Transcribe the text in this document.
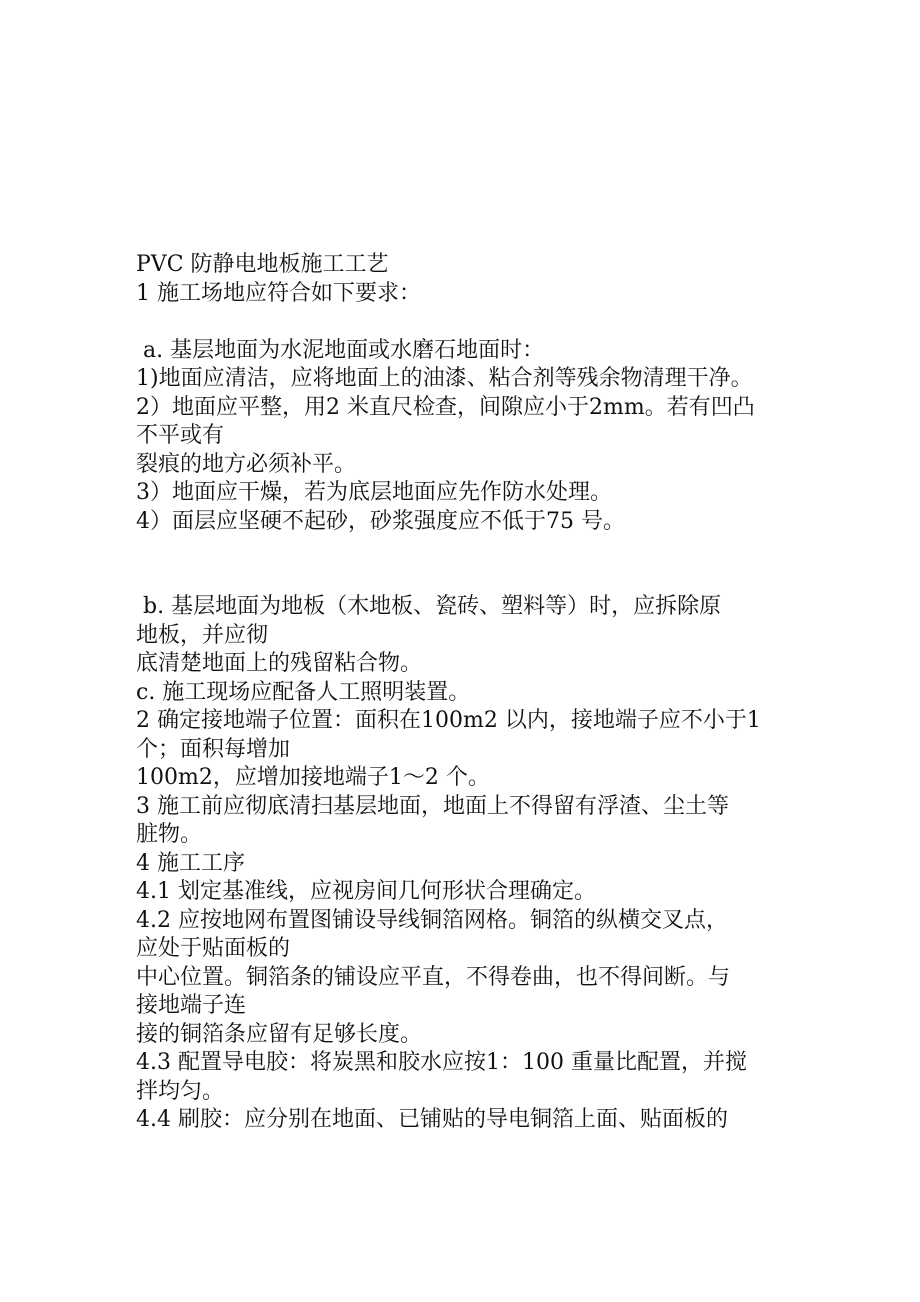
PVC 防静电地板施工工艺
1 施工场地应符合如下要求：
a. 基层地面为水泥地面或水磨石地面时：
1)地面应清洁，应将地面上的油漆、粘合剂等残余物清理干净。
2）地面应平整，用2 米直尺检查，间隙应小于2mm。若有凹凸
不平或有
裂痕的地方必须补平。
3）地面应干燥，若为底层地面应先作防水处理。
4）面层应坚硬不起砂，砂浆强度应不低于75 号。
b. 基层地面为地板（木地板、瓷砖、塑料等）时，应拆除原
地板，并应彻
底清楚地面上的残留粘合物。
c. 施工现场应配备人工照明装置。
2 确定接地端子位置：面积在100m2 以内，接地端子应不小于1
个；面积每增加
100m2，应增加接地端子1～2 个。
3 施工前应彻底清扫基层地面，地面上不得留有浮渣、尘土等
脏物。
4 施工工序
4.1 划定基准线，应视房间几何形状合理确定。
4.2 应按地网布置图铺设导线铜箔网格。铜箔的纵横交叉点，
应处于贴面板的
中心位置。铜箔条的铺设应平直，不得卷曲，也不得间断。与
接地端子连
接的铜箔条应留有足够长度。
4.3 配置导电胶：将炭黑和胶水应按1：100 重量比配置，并搅
拌均匀。
4.4 刷胶：应分别在地面、已铺贴的导电铜箔上面、贴面板的
